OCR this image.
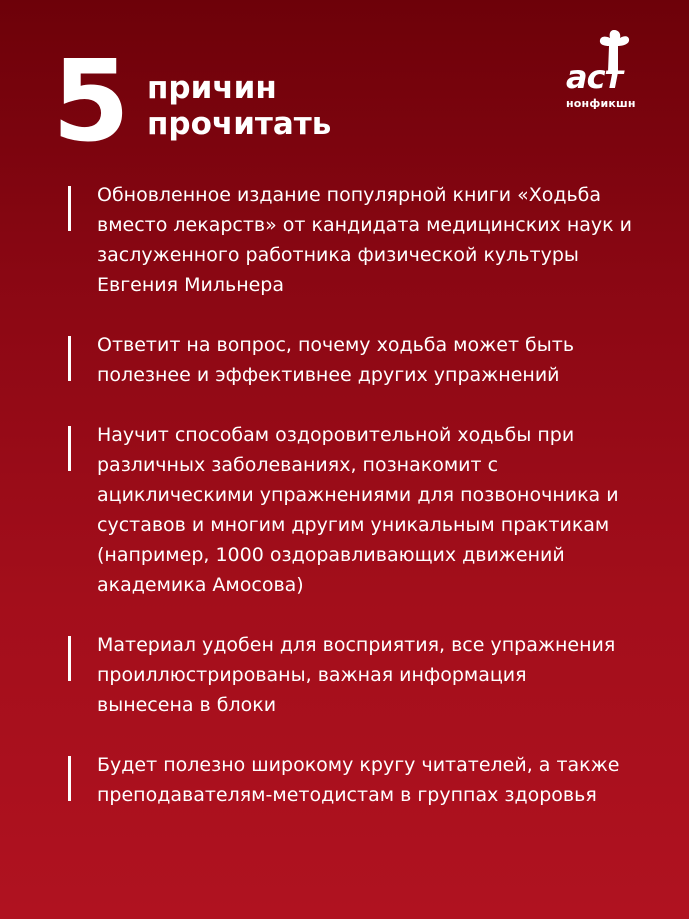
5 причин
прочитать
аст
нонфикшн
Обновленное издание популярной книги «Ходьба
вместо лекарств» от кандидата медицинских наук и
заслуженного работника физической культуры
Евгения Мильнера
Ответит на вопрос, почему ходьба может быть
полезнее и эффективнее других упражнений
Научит способам оздоровительной ходьбы при
различных заболеваниях, познакомит с
ациклическими упражнениями для позвоночника и
суставов и многим другим уникальным практикам
(например, 1000 оздоравливающих движений
академика Амосова)
Материал удобен для восприятия, все упражнения
проиллюстрированы, важная информация
вынесена в блоки
Будет полезно широкому кругу читателей, а также
преподавателям-методистам в группах здоровья
